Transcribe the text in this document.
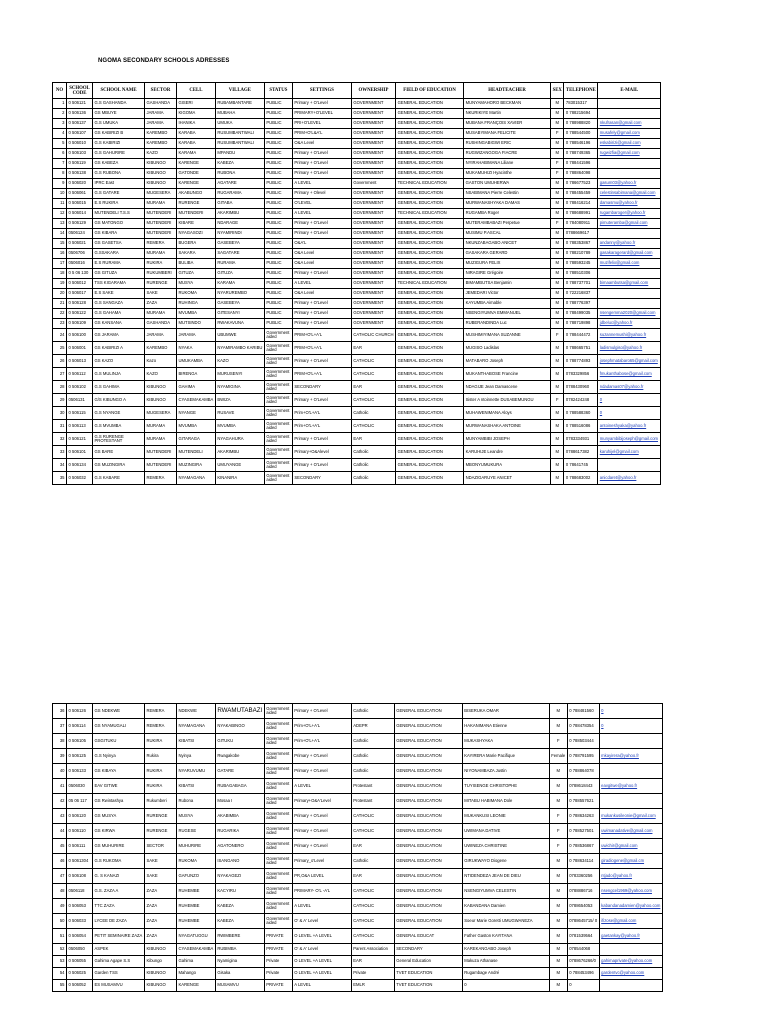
NGOMA SECONDARY SCHOOLS ADRESSES
NO	SCHOOL CODE	SCHOOL NAME	SECTOR	CELL	VILLAGE	STATUS	SETTINGS	OWNERSHIP	FIELD OF EDUCATION	HEADTEACHER	SEX	TELEPHONE	E-MAIL
1	0 506121	G.S GASHANDA	GASHANDA	GISERI	RUBAMBANTARE	PUBLIC	Primary + O'Level	GOVERNMENT	GENERAL EDUCATION	MUNYAMAHORO BECKMAN	M	783015317	
2	0 506136	GS MBUYE	JARAMA	KIGOMA	MUBAHA	PUBLIC	PRIMARY+O'LEVEL	GOVERNMENT	GENERAL EDUCATION	NKURIKIYE Martin	M	0 788215694	
3	0 506137	G.S UMUKA	JARAMA	IHANIKA	UMUKA	PUBLIC	PRI+O'LEVEL	GOVERNMENT	GENERAL EDUCATION	MUBANA FRANÇOIS XAVIER	M	0 788988820	nkufrasan@gmail.com
4	0 506107	GS KABIRIZI B	KAREMBO	KARABA	RUSUMBANTWALI	PUBLIC	PRIM+O'L&A'L	GOVERNMENT	GENERAL EDUCATION	MUSABYIMANA FELICITE	F	0 788544500	musafely@gmail.com
5	0 506010	G.S KABIRIZI	KAREMBO	KARABA	RUSUMBANTWALI	PUBLIC	O&A Level	GOVERNMENT	GENERAL EDUCATION	RUSHINGABIGWI ERIC	M	0 788546196	eskabirizi@gmail.com
6	0 506103	G.S GAHURIRE	KAZO	KARAMA	MPANDU	PUBLIC	Primary + O'Level	GOVERNMENT	GENERAL EDUCATION	RUGWIZANGOGA FIACRE	M	0 788749365	rugwizfia@gmail.com
7	0 506119	GS KABEZA	KIBUNGO	KARENGE	KABEZA	PUBLIC	Primary + O'Level	GOVERNMENT	GENERAL EDUCATION	NYIRAHABIMANA Liliane	F	0 788441596	
8	0 506138	G.S RUBONA	KIBUNGO	GATONDE	RUBONA	PUBLIC	Primary + O'Level	GOVERNMENT	GENERAL EDUCATION	MUKAMUHIZI Hyacinthe	F	0 788864098	
9	0 506020	IPRC East	KIBUNGO	KARENGE	AGATARE	PUBLIC	A LEVEL	Government	TECHNICAL EDUCATION	GASTON UMUHERWA	M	0 786677523	gasum03@yahoo.fr
10	0 506061	G.S GATARE	MUGESERA	AKABUNGO	RUGARAMA	PUBLIC	Primary + Olevel	GOVERNMENT	GENERAL EDUCATION	NSABIMANA Pierre Celestin	M	0 788455459	celestinsabimana@gmail.com
11	0 506015	E.S RUKIRA	MURAMA	RURENGE	GITABA	PUBLIC	O'LEVEL	GOVERNMENT	GENERAL EDUCATION	MURWANASHYAKA DAMAS	M	0 788416214	damasmu@yahoo.fr
12	0 506014	MUTENDELI T.S.S	MUTENDERI	MUTENDERI	AKARIMBU	PUBLIC	A LEVEL	GOVERNMENT	TECHNICAL EDUCATION	RUGAMBA Roger	M	0 788688991	rugambaroger@yahoo.fr
13	0 506129	GS MATONGO	MUTENDERI	KIBARE	NDARAGE	PUBLIC	Primary + O'Level	GOVERNMENT	GENERAL EDUCATION	MUTERAMBABAZI Perpetue	F	0 784080911	pimuteramba@gmail.com
14	0506124	GS KIBARA	MUTENDERI	NYAGASOZI	NYAMIRINDI	PUBLIC	Primary + O'Level	GOVERNMENT	GENERAL EDUCATION	MUSIMU P.ASCAL	M	0788669617	
15	0 506021	GS GASETSA	REMERA	BUGERA	GASEBEYA	PUBLIC	O&A'L	GOVERNMENT	GENERAL EDUCATION	NKUNZABAGABO ANICET	M	0 788353867	andanny@yahoo.fr
16	0506706	G.SSAKARA	MURAMA	SAKARA	SAGATARE	PUBLIC	O&A Level	GOVERNMENT	GENERAL EDUCATION	GASAKARA GERARD	M	0 788210789	gasakaragerard@gmail.com
17	0506016	E.S RURAMA	RUKIRA	BULIBA	RURAMA	PUBLIC	O&A Level	GOVERNMENT	GENERAL EDUCATION	MUZIGURA FELIX	M	0 788593245	muzifelix@gmail.com
18	0 5 06 130	GS GITUZA	RUKUMBERI	GITUZA	GITUZA	PUBLIC	Primary + O'Level	GOVERNMENT	GENERAL EDUCATION	NIRAGIRE Grégoire	M	0 788510306	
19	0 506012	TSS KIGARAMA	RURENGE	MUSYA	KARAMA	PUBLIC	A LEVEL	GOVERNMENT	TECHNICAL EDUCATION	BIMAMBUTSA Benjamin	M	0 788737701	bimaambutsa@gmail.com
20	0 506017	E.S SAKE	SAKE	RUKOMA	NYARUREMBO	PUBLIC	O&A Level	GOVERNMENT	GENERAL EDUCATION	JEMEDARI Victor	M	0 722216837	
21	0 506128	G.S SANGAZA	ZAZA	RUHINGA	GASEBEYA	PUBLIC	Primary + O'Level	GOVERNMENT	GENERAL EDUCATION	KAYUMBA Aimable	M	0 788776397	
22	0 506122	G.S GAHAMA	MURAMA	MVUMBA	GITESANYI	PUBLIC	Primary + O'Level	GOVERNMENT	GENERAL EDUCATION	NSENGIYUMVA EMMANUEL	M	0 788499035	nsengemma2020@gmail.com
23	0 506109	GS KANSANA	GASHANDA	MUTSINDO	RWAKAVUNA	PUBLIC	Primary + O'Level	GOVERNMENT	GENERAL EDUCATION	RUBERANDINDA Luc	M	0 788719898	jdbeluc@yahoo.fr
24	0 506100	GS JARAMA	JARAMA	JARAMA	UBUMWE	Government aided	PRIM+O'L+A'L	CATHOLIC CHURCH	GENERAL EDUCATION	MUSHIMIYIMANA SUZANNE	F	0 788444472	suzannemushi@yahoo.fr
25	0 506001	GS KABIRIZI A	KAREMBO	NYAKA	NYAMIRAMBO KARIBU	Government aided	PRIM+O'L+A'L	EAR	GENERAL EDUCATION	MUGISO Ladislas	M	0 788665751	ladismulgiso@yahoo.fr
26	0 506013	GS KAZO	Kazo	UMUKAMBA	KAZO	Government aided	Primary + O'Level	CATHOLIC	GENERAL EDUCATION	MATABARO Joseph	M	0 788774893	josephmatabaro65@gmail.com
27	0 506112	G.S MULINJA	KAZO	BIRENGA	MURUSENYI	Government aided	PRIM+O'L+A'L	CATHOLIC	GENERAL EDUCATION	MUKANTHABOSE Francine	M	0783329856	fmukanthabose@gmail.com
28	0 506102	G.S GAHIMA	KIBUNGO	GAHIMA	NYAMIGINA	Government aided	SECONDARY	EAR	GENERAL EDUCATION	NDAGIJE Jean Damascene	M	0788430960	ndadamas07@yahoo.fr
29	0506131	G/S KIBUNGO A	KIBUNGO	CYASEMAKAMBA	BWIZA	Government aided	Primary + O'Level	CATHOLIC	GENERAL EDUCATION	Sister A ntoinnette DUSABEMUNGU	F	0782424248	0
30	0 506115	G.S NYANGE	MUGESERA	NYANGE	RUSAVE	Government aided	Prim+O'L+A'L	Catholic	GENERAL EDUCATION	MUHAWENIMANA Aloys	M	0 788588360	0
31	0 506113	G.S MVUMBA	MURAMA	MVUMBA	MVUMBA	Government aided	Prim+O'L+A'L	CATHOLIC	GENERAL EDUCATION	MURWANASHAKA ANTOINE	M	0 788516086	antoineshyaka@yahoo.fr
32	0 506121	G.S RURENGE PROTESTANT	MURAMA	GITARAGA	NYAGAHURA	Government aided	Primary + O'Level	EAR	GENERAL EDUCATION	MUNYAMBIBI JOSEPH	M	0783334931	munyambibijoseph@gmail.com
33	0 506101	GS BARE	MUTENDERI	MUTENDELI	AKARIMBU	Government aided	Primary+O&Alevel	Catholic	GENERAL EDUCATION	KARUHIJE Leandre	M	0788617382	karuhijel@gmail.com
34	0 506134	GS MUZINGIRA	MUTENDERI	MUZINGIRA	UMUYANGE	Government aided	Primary + O'Level	Catholic	GENERAL EDUCATION	MBONYUMUKURA	M	0 78641745	
35	0 506032	G.S KABARE	REMERA	NYAMAGANA	KINANIRA	Government aided	SECONDARY	Catholic	GENERAL EDUCATION	NDAZIGARUYE ANICET	M	0 788683002	anicdaret@yahoo.fr
36	0 506126	GS NDEKWE	REMERA	NDEKWE	RWAMUTABAZI	Government aided	Primary + O'Level	Catholic	GENERAL EDUCATION	BISERUKA OMAR	M	0 788481560	0
37	0 506114	GS NYAMUGALI	REMERA	NYAMAGANA	NYAKABINGO	Government aided	Prim+O'L+A'L	ADEPR	GENERAL EDUCATION	HAKANIMANA Etienne	M	0 788478354	0
38	0 506105	GSGITUKU	RUKIRA	KIBATSI	GITUKU	Government aided	Prim+O'L+A'L	Catholic	GENERAL EDUCATION	MUKASHYAKA	F	0 788503444	
39	0 506125	G.S Nyinya	Rukira	Nyinya	Rwagakobe	Government aided	Primary + O'Level	Catholic	GENERAL EDUCATION	KAYIRERA Marie Pacifique	Female	0 788791595	mkayirera@yahoo.fr
40	0 506133	GS KIBAYA	RUKIRA	NYARUVUMU	GATARE	Government aided	Primary + O'Level	Catholic	GENERAL EDUCATION	NIYONAMBAZA Justin	M	0 788864078	
41	0506030	EAV GITWE	RUKIRA	KIBATSI	RUBAGABAGA	Government aided	A LEVEL	Protestant	GENERAL EDUCATION	TUYISENGE CHRISTOPHE	M	0788618443	eavgitwe@yahoo.fr
42	05 06 117	GS Rwintashya	Rukumberi	Rubona	Mosaa I	Government aided	Primary+O&A'Level	Protestant	GENERAL EDUCATION	MITABU HABIMANA Dole	M	0 788557621	
43	0 506120	GS MUSYA	RURENGE	MUSYA	AKABIMBA	Government aided	Primary + O'Level	CATHOLIC	GENERAL EDUCATION	MUKANKUSI LEONIE	F	0 788634263	mukankusileonie@gmail.com
44	0 506110	GS KIRWA	RURENGE	RUGESE	RUGARIKA	Government aided	Primary + O'Level	CATHOLIC	GENERAL EDUCATION	UWIMANA DATIVE	F	0 788527501	uwimanadative@gmail.com
45	0 506111	GS MUHURIRE	SECTOR	MUHURIRE	AGATONERO	Government aided	Primary + O'Level	EAR	GENERAL EDUCATION	UWINEZA CHRISTINE	F	0 788536867	uwichir@gmail.com
46	0 5061304	G.S RUKOMA	SAKE	RUKOMA	ISANGANO	Government aided	Primary_o'Level	Catholic	GENERAL EDUCATION	GIRUKWAYO Diogene	M	0 788634114	giradiogene@gmail.cm
47	0 506108	G. S KANAZI	SAKE	GAFUNZO	NYAKAGEZI	Government aided	PR,O&A LEVEL	EAR	GENERAL EDUCATION	NTIDENDEZA JEAN DE DIEU	M	0783360256	ntjado@yahoo.fr
48	0506118	G.S. ZAZA A	ZAZA	RUHEMBE	KACYIRU	Government aided	PRIMARY- O'L -A'L	CATHOLIC	GENERAL EDUCATION	NSENGIYUMVA CELESTIN	M	0788886716	nsengcel1969@yahoo.com
49	0 506053	TTC ZAZA	ZAZA	RUHEMBE	KABEZA	Government aided	A LEVEL	CATHOLIC	GENERAL EDUCATION	KABANDANA Damien	M	0788654053	kabandanadamien@yahoo.com
50	0 506033	LYCEE DE ZAZA	ZAZA	RUHEMBE	KABEZA	Government aided	O' & A' Level	CATHOLIC	GENERAL EDUCATION	Soeur Marie Goretti UMUGWANEZA	M	0788645715/ 0	ifizose@gmail.com
51	0 506054	PETIT SEMINAIRE ZAZA	ZAZA	NYAGATUGGU	RWIMBERE	PRIVATE	O LEVEL +A LEVEL	CATHOLIC	GENERAL EDUCAT	Father Gaston KAYITANA	M	0781539564	gaetankay@yahoo.fr
52	0506050	ASPEK	KIBUNGO	CYASEMAKAMBA	RUBIMBA	PRIVATE	O' & A' Level	Parent Association	SECONDARY	KAREKANGABO Joseph	M	078544068	
53	0 506055	Gahima Agape S.S	Kibungo	Gahima	Nyamigina	Private	O LEVEL +A LEVEL	EAR	General Education	Makuza Athanase	M	0788676266/0	gahimaprivate@yahoo.com
54	0 506025	Garden TSS	KIBUNGO	Mahango	Gisaka	Private	O LEVEL +A LEVEL	Private	TVET EDUCATION	Rugambage André	M	0 788453496	gardentvc@yahoo.com
55	0 506052	ES MUSAMVU	KIBUNGO	KARENGE	MUSAMVU	PRIVATE	A LEVEL	EMLR	TVET EDUCATION	0	M	0	
